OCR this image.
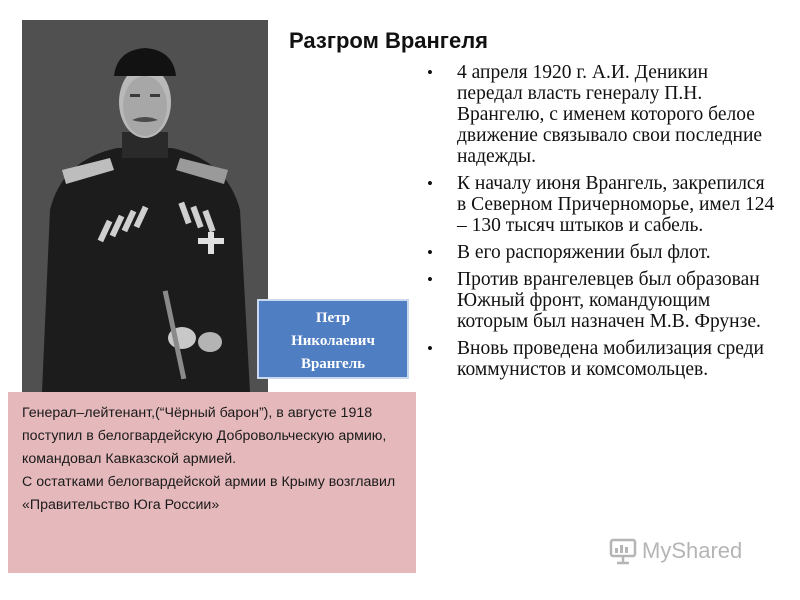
Петр
Николаевич
Врангель
Разгром Врангеля
• 4 апреля 1920 г. А.И. Деникин передал власть генералу П.Н. Врангелю, с именем которого белое движение связывало свои последние надежды.
• К началу июня Врангель, закрепился в Северном Причерноморье, имел 124 – 130 тысяч штыков и сабель.
• В его распоряжении был флот.
• Против врангелевцев был образован Южный фронт, командующим которым был назначен М.В. Фрунзе.
• Вновь проведена мобилизация среди коммунистов и комсомольцев.

Генерал–лейтенант,(“Чёрный барон”), в августе 1918 поступил в белогвардейскую Добровольческую армию, командовал Кавказской армией.

С остатками белогвардейской армии в Крыму возглавил «Правительство Юга России»

MyShared
